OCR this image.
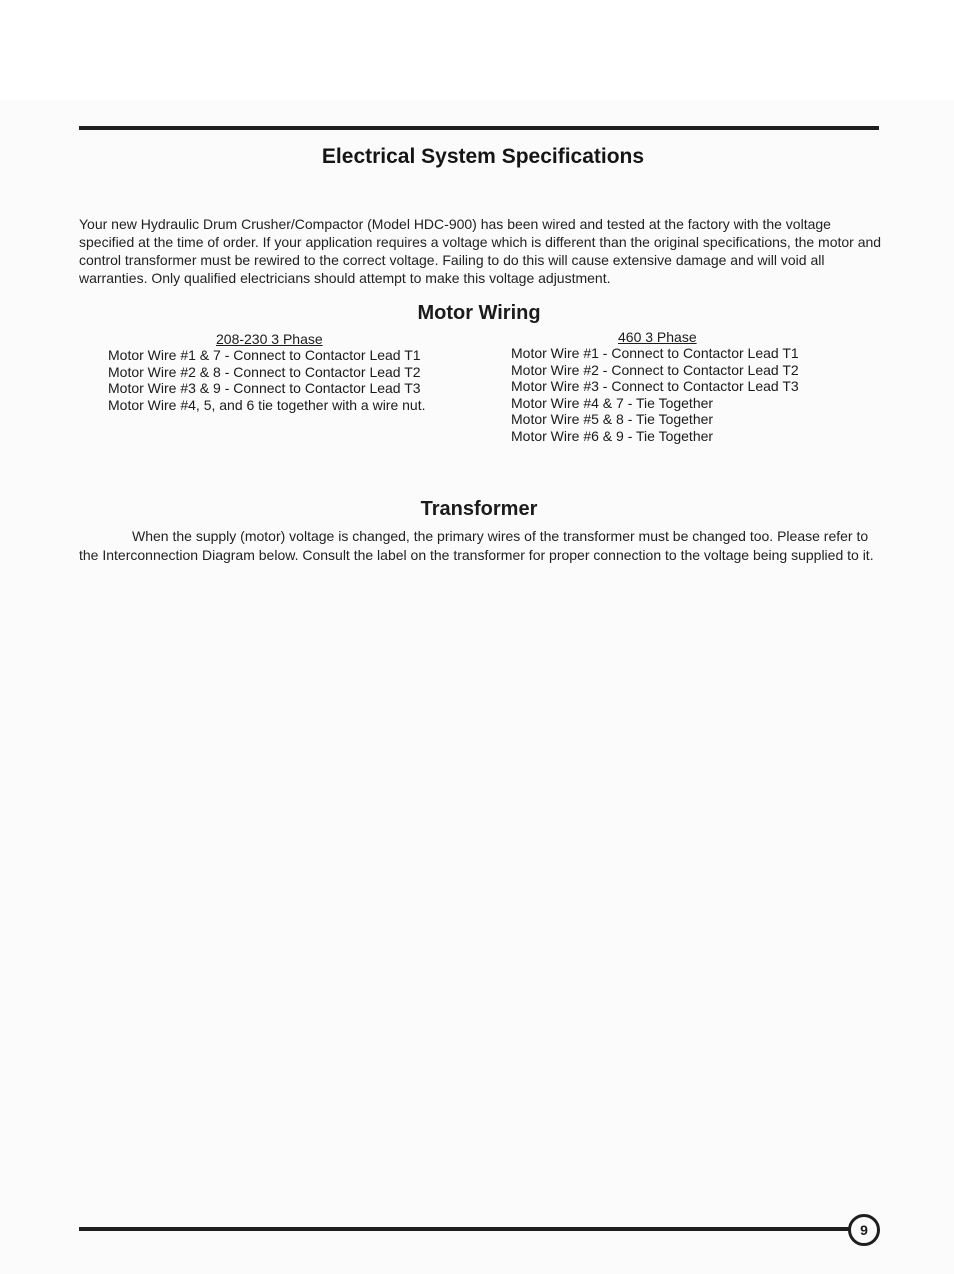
Electrical System Specifications

Your new Hydraulic Drum Crusher/Compactor (Model HDC-900) has been wired and tested at the factory with the voltage specified at the time of order. If your application requires a voltage which is different than the original specifications, the motor and control transformer must be rewired to the correct voltage. Failing to do this will cause extensive damage and will void all warranties. Only qualified electricians should attempt to make this voltage adjustment.

Motor Wiring
208-230 3 Phase
Motor Wire #1 & 7 - Connect to Contactor Lead T1
Motor Wire #2 & 8 - Connect to Contactor Lead T2
Motor Wire #3 & 9 - Connect to Contactor Lead T3
Motor Wire #4, 5, and 6 tie together with a wire nut.
460 3 Phase
Motor Wire #1 - Connect to Contactor Lead T1
Motor Wire #2 - Connect to Contactor Lead T2
Motor Wire #3 - Connect to Contactor Lead T3
Motor Wire #4 & 7 - Tie Together
Motor Wire #5 & 8 - Tie Together
Motor Wire #6 & 9 - Tie Together
Transformer

When the supply (motor) voltage is changed, the primary wires of the transformer must be changed too. Please refer to the Interconnection Diagram below. Consult the label on the transformer for proper connection to the voltage being supplied to it.

9
